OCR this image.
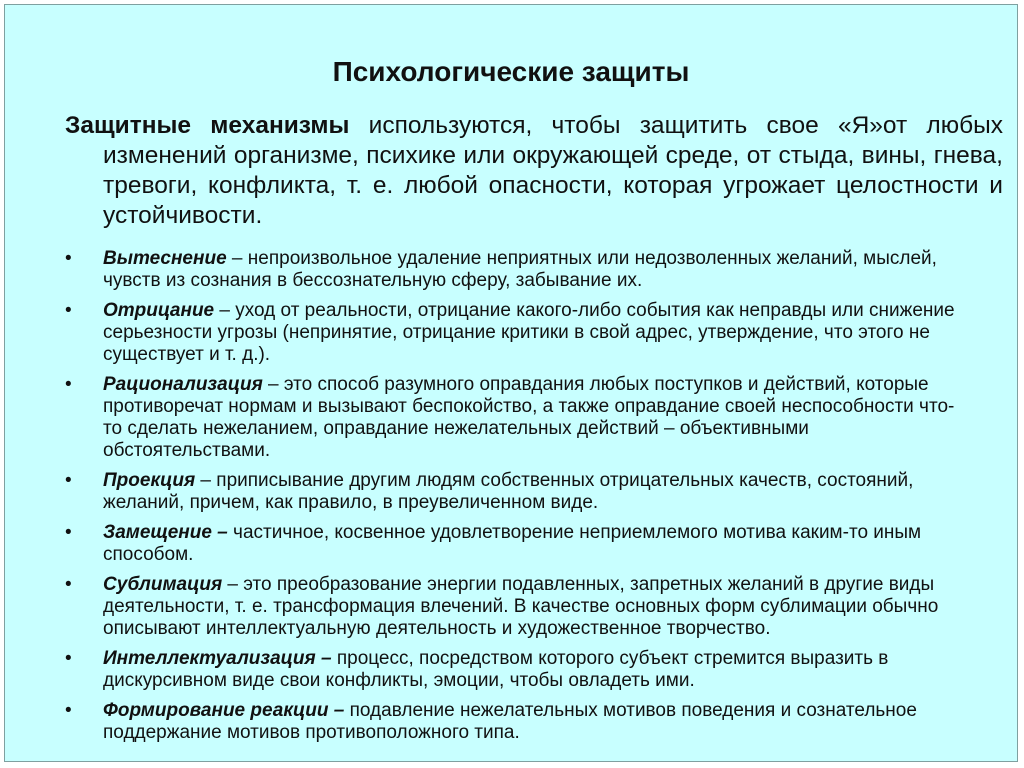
Психологические защиты
Защитные механизмы используются, чтобы защитить свое «Я»от любых изменений организме, психике или окружающей среде, от стыда, вины, гнева, тревоги, конфликта, т. е. любой опасности, которая угрожает целостности и устойчивости.
• Вытеснение – непроизвольное удаление неприятных или недозволенных желаний, мыслей, чувств из сознания в бессознательную сферу, забывание их.
• Отрицание – уход от реальности, отрицание какого-либо события как неправды или снижение серьезности угрозы (непринятие, отрицание критики в свой адрес, утверждение, что этого не существует и т. д.).
• Рационализация – это способ разумного оправдания любых поступков и действий, которые противоречат нормам и вызывают беспокойство, а также оправдание своей неспособности что-то сделать нежеланием, оправдание нежелательных действий – объективными обстоятельствами.
• Проекция – приписывание другим людям собственных отрицательных качеств, состояний, желаний, причем, как правило, в преувеличенном виде.
• Замещение – частичное, косвенное удовлетворение неприемлемого мотива каким-то иным способом.
• Сублимация – это преобразование энергии подавленных, запретных желаний в другие виды деятельности, т. е. трансформация влечений. В качестве основных форм сублимации обычно описывают интеллектуальную деятельность и художественное творчество.
• Интеллектуализация – процесс, посредством которого субъект стремится выразить в дискурсивном виде свои конфликты, эмоции, чтобы овладеть ими.
• Формирование реакции – подавление нежелательных мотивов поведения и сознательное поддержание мотивов противоположного типа.
